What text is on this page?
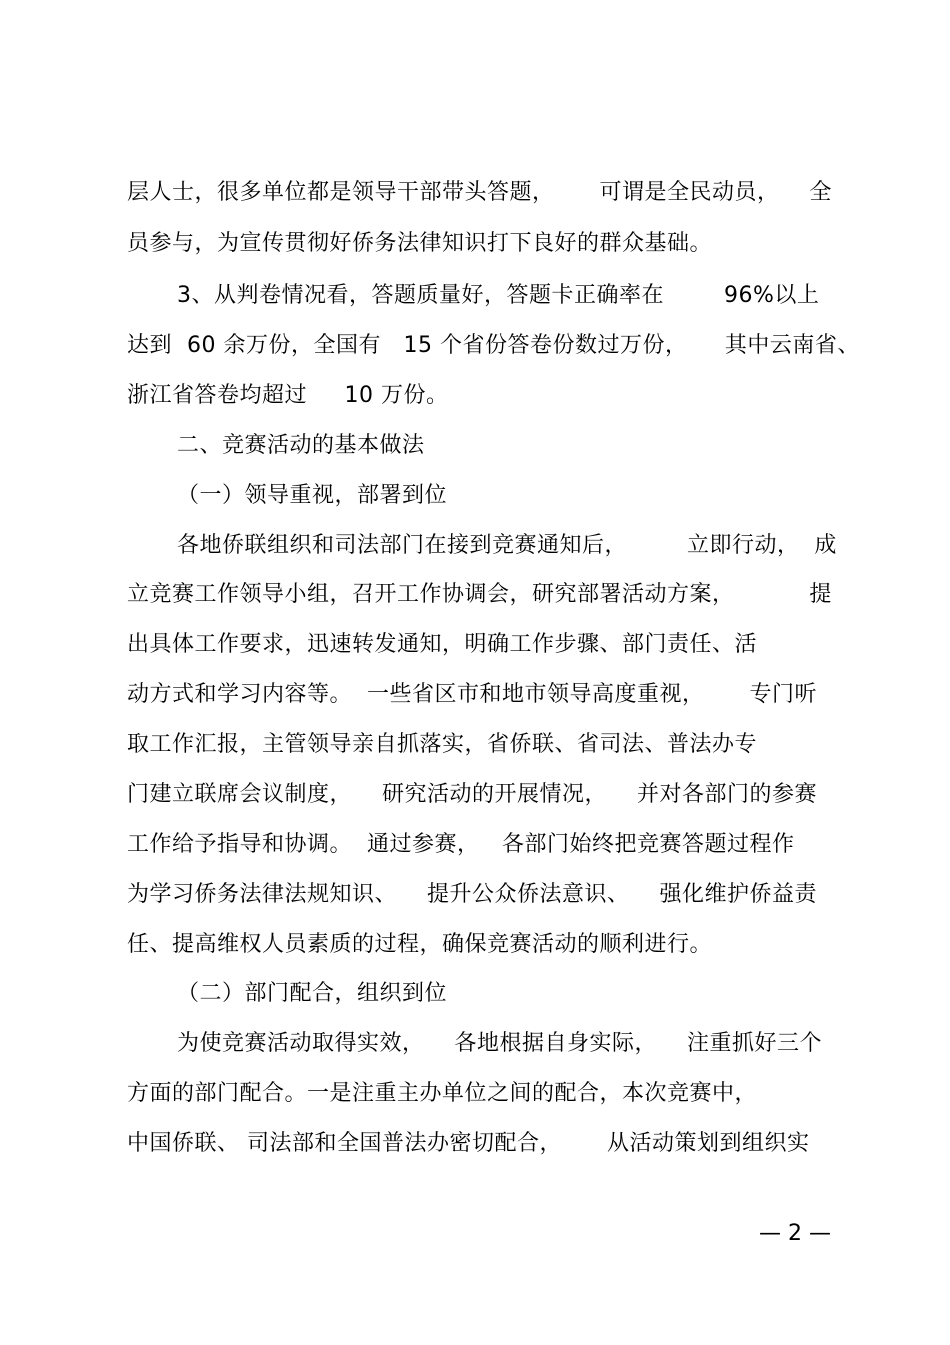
层人士，很多单位都是领导干部带头答题，      可谓是全民动员，    全
员参与，为宣传贯彻好侨务法律知识打下良好的群众基础。
3、从判卷情况看，答题质量好，答题卡正确率在        96%以上
达到  60 余万份，全国有   15 个省份答卷份数过万份，     其中云南省、
浙江省答卷均超过     10 万份。
二、竞赛活动的基本做法
（一）领导重视，部署到位
各地侨联组织和司法部门在接到竞赛通知后，        立即行动，  成
立竞赛工作领导小组，召开工作协调会，研究部署活动方案，          提
出具体工作要求，迅速转发通知，明确工作步骤、部门责任、活
动方式和学习内容等。  一些省区市和地市领导高度重视，      专门听
取工作汇报，主管领导亲自抓落实，省侨联、省司法、普法办专
门建立联席会议制度，    研究活动的开展情况，    并对各部门的参赛
工作给予指导和协调。  通过参赛，   各部门始终把竞赛答题过程作
为学习侨务法律法规知识、    提升公众侨法意识、    强化维护侨益责
任、提高维权人员素质的过程，确保竞赛活动的顺利进行。
（二）部门配合，组织到位
为使竞赛活动取得实效，    各地根据自身实际，    注重抓好三个
方面的部门配合。一是注重主办单位之间的配合，本次竞赛中，
中国侨联、 司法部和全国普法办密切配合，      从活动策划到组织实
— 2 —
